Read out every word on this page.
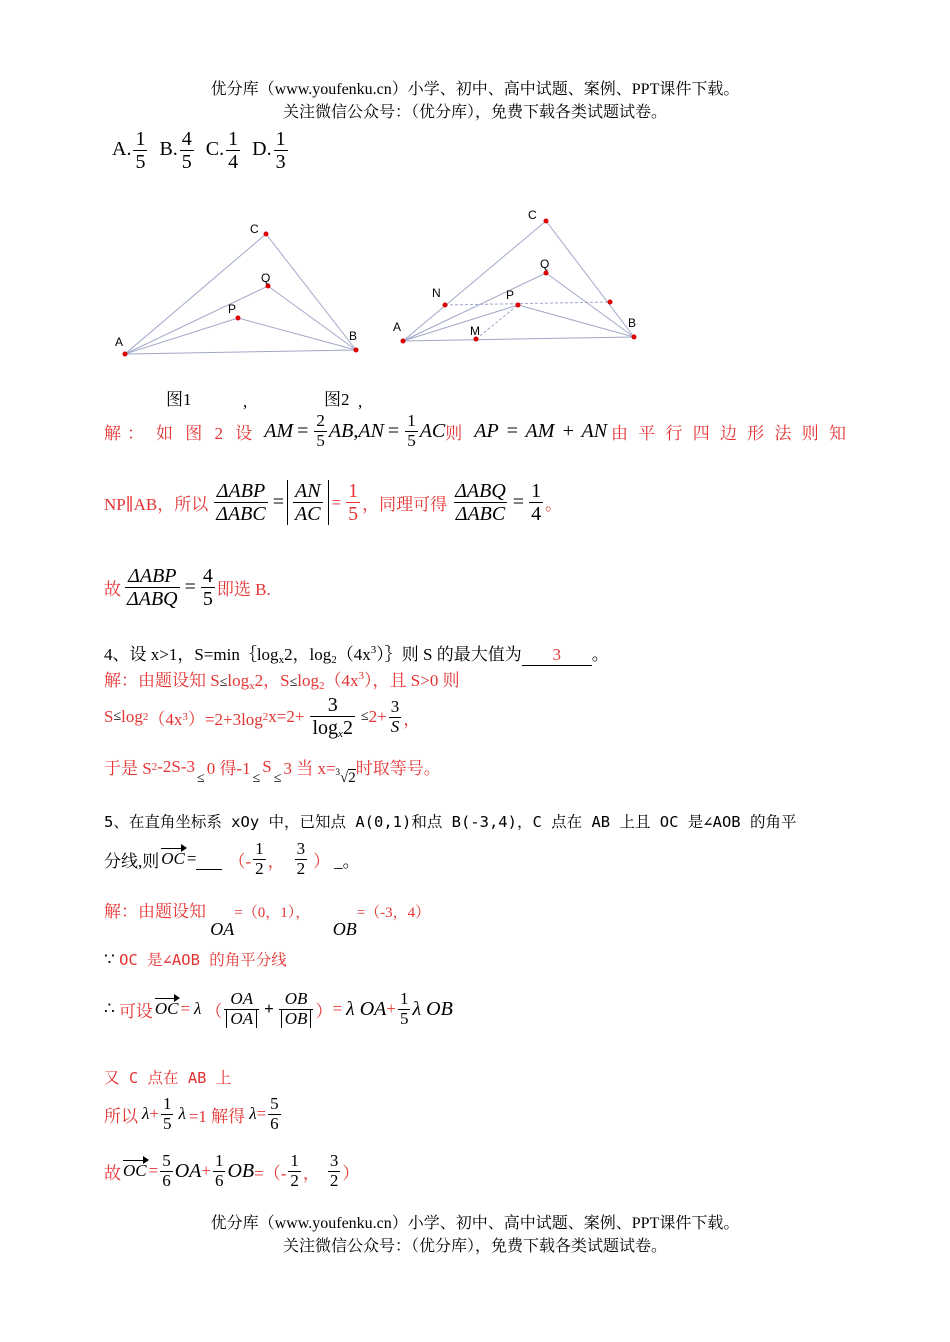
优分库（www.youfenku.cn）小学、初中、高中试题、案例、PPT课件下载。
关注微信公众号：（优分库），免费下载各类试题试卷。
A. $\frac{1}{5} B$. $\frac{4}{5} C$. $\frac{1}{4} D$. $\frac{1}{3}$
A
C
B
P
Q
A
C
B
P
Q
N
M
图1	,	图2 ,
解： 如 图 2 设 AM = $\frac{2}{5}$ AB , AN = $\frac{1}{5}$ AC 则 AP = AM + AN 由 平 行 四 边 形 法 则 知
NP∥AB，所以 $\frac{\text{ΔABP}}{\text{ΔABC}} = \frac{AN}{AC} = \frac{1}{5}$ ，同理可得 $\frac{\text{ΔABQ}}{\text{ΔABC}} = \frac{1}{4}$ 。
故 $\frac{\text{ΔABP}}{\text{ΔABQ}} = \frac{4}{5}$ 即选 B.
4、设 x>1，$S=\min\{\log_x2$，$\log_2(4x^3)\}$则 S 的最大值为 3 。
解：由题设知 $S\le\log_x2$，$S\le\log_2(4x^3)$，且 S>0 则
S ≤ log 2 （4x 3 ）=2+3log 2 $x=2+ \frac{3}{\log_x2} \le 2+ \frac{3}{S}$ ，
于是 S 2 -2S-3
≤ 0 得-1 ≤
S
≤ 3 当 x= $^3$√2 时取等号。
5、在直角坐标系 xOy 中，已知点 A(0,1)和点 B(-3,4)，C 点在 AB 上且 OC 是∠AOB 的角平
分线,则 OC =
（- $\frac{1}{2}$ ， $\frac{3}{2}$ ） _。
解：由题设知 OA=（0，1），  OB=（-3，4）
∵ OC 是∠AOB 的角平分线
∴ 可设 OC = λ （ $\frac{OA}{OA} + \frac{OB}{OB}$ ） = λ OA + $\frac{1}{5}$ λ OB
又 C 点在 AB 上
所以 $\lambda + \frac{1}{5}$ λ =1 解得 $\lambda = \frac{5}{6}$
故 OC = $\frac{5}{6}$ OA + $\frac{1}{6}$ OB =（- $\frac{1}{2}$ ， $\frac{3}{2}$ ）
优分库（www.youfenku.cn）小学、初中、高中试题、案例、PPT课件下载。
关注微信公众号：（优分库），免费下载各类试题试卷。
